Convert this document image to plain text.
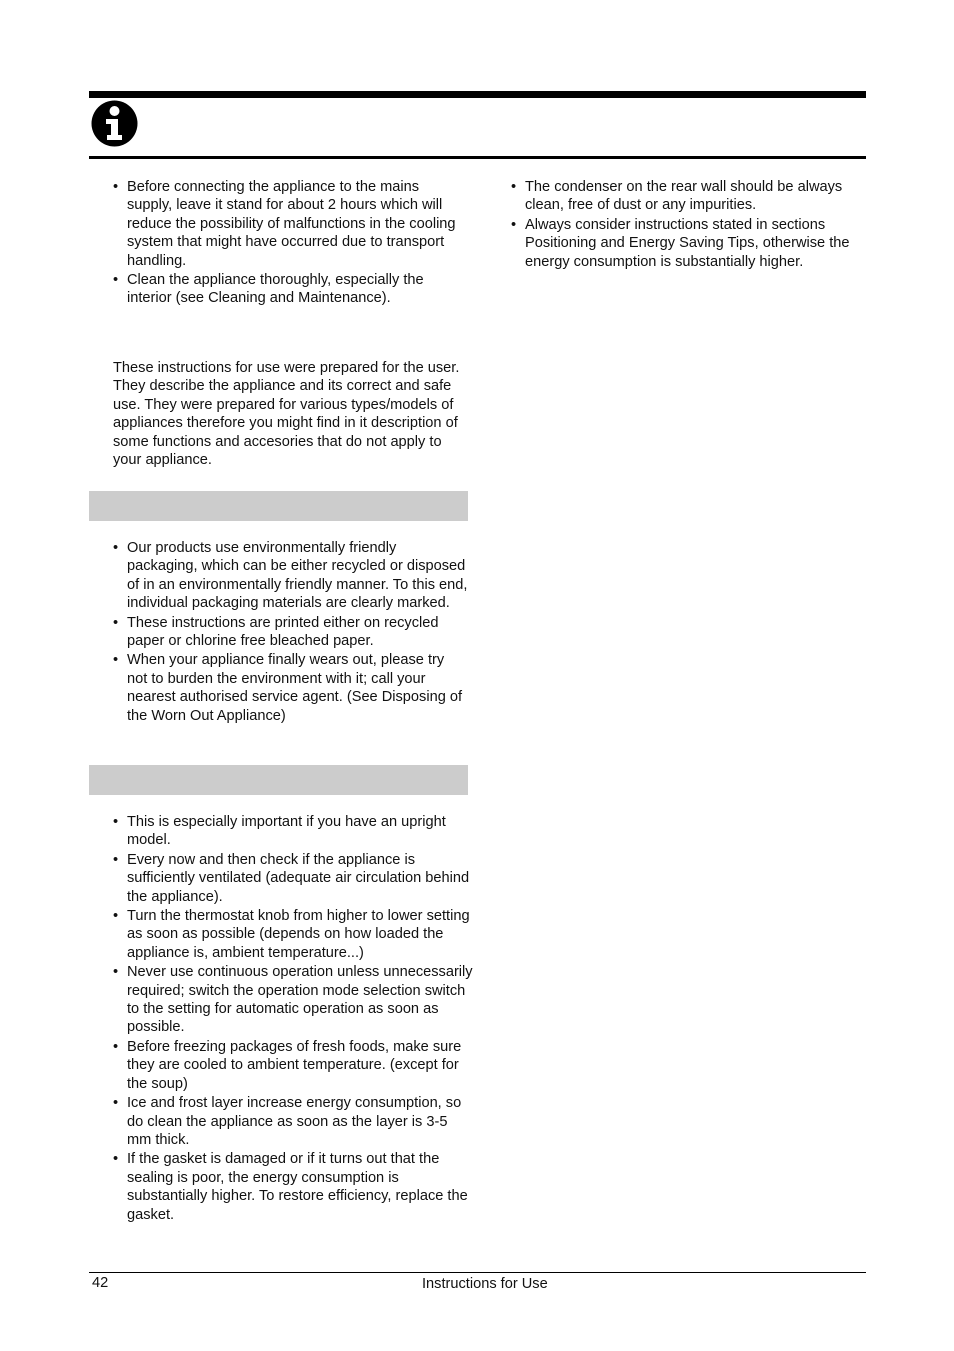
• Before connecting the appliance to the mains supply, leave it stand for about 2 hours which will reduce the possibility of malfunctions in the cooling system that might have occurred due to transport handling.
• Clean the appliance thoroughly, especially the interior (see Cleaning and Maintenance).

These instructions for use were prepared for the user. They describe the appliance and its correct and safe use. They were prepared for various types/models of appliances therefore you might find in it description of some functions and accesories that do not apply to your appliance.

• Our products use environmentally friendly packaging, which can be either recycled or disposed of in an environmentally friendly manner. To this end, individual packaging materials are clearly marked.
• These instructions are printed either on recycled paper or chlorine free bleached paper.
• When your appliance finally wears out, please try not to burden the environment with it; call your nearest authorised service agent. (See Disposing of the Worn Out Appliance)
• This is especially important if you have an upright model.
• Every now and then check if the appliance is sufficiently ventilated (adequate air circulation behind the appliance).
• Turn the thermostat knob from higher to lower setting as soon as possible (depends on how loaded the appliance is, ambient temperature...)
• Never use continuous operation unless unnecessarily required; switch the operation mode selection switch to the setting for automatic operation as soon as possible.
• Before freezing packages of fresh foods, make sure they are cooled to ambient temperature. (except for the soup)
• Ice and frost layer increase energy consumption, so do clean the appliance as soon as the layer is 3-5 mm thick.
• If the gasket is damaged or if it turns out that the sealing is poor, the energy consumption is substantially higher. To restore efficiency, replace the gasket.
• The condenser on the rear wall should be always clean, free of dust or any impurities.
• Always consider instructions stated in sections Positioning and Energy Saving Tips, otherwise the energy consumption is substantially higher.
42	Instructions for Use
